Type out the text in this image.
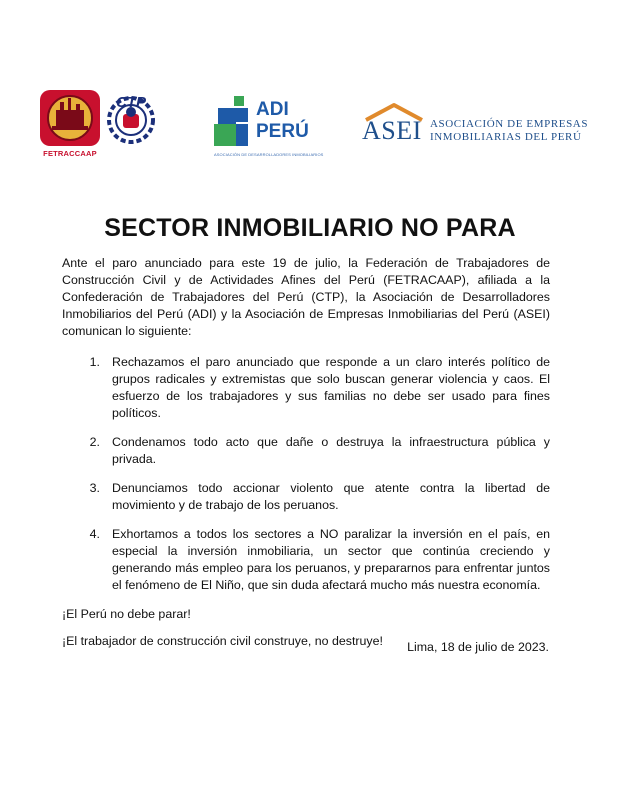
FETRACCAAP
CTP	ADI
PERÚ
ASOCIACIÓN DE DESARROLLADORES INMOBILIARIOS
ASEI ASOCIACIÓN DE EMPRESAS
INMOBILIARIAS DEL PERÚ
SECTOR INMOBILIARIO NO PARA

Ante el paro anunciado para este 19 de julio, la Federación de Trabajadores de Construcción Civil y de Actividades Afines del Perú (FETRACAAP), afiliada a la Confederación de Trabajadores del Perú (CTP), la Asociación de Desarrolladores Inmobiliarios del Perú (ADI) y la Asociación de Empresas Inmobiliarias del Perú (ASEI) comunican lo siguiente:

1. Rechazamos el paro anunciado que responde a un claro interés político de grupos radicales y extremistas que solo buscan generar violencia y caos. El esfuerzo de los trabajadores y sus familias no debe ser usado para fines políticos.
2. Condenamos todo acto que dañe o destruya la infraestructura pública y privada.
3. Denunciamos todo accionar violento que atente contra la libertad de movimiento y de trabajo de los peruanos.
4. Exhortamos a todos los sectores a NO paralizar la inversión en el país, en especial la inversión inmobiliaria, un sector que continúa creciendo y generando más empleo para los peruanos, y prepararnos para enfrentar juntos el fenómeno de El Niño, que sin duda afectará mucho más nuestra economía.

¡El Perú no debe parar!

¡El trabajador de construcción civil construye, no destruye!	Lima, 18 de julio de 2023.
